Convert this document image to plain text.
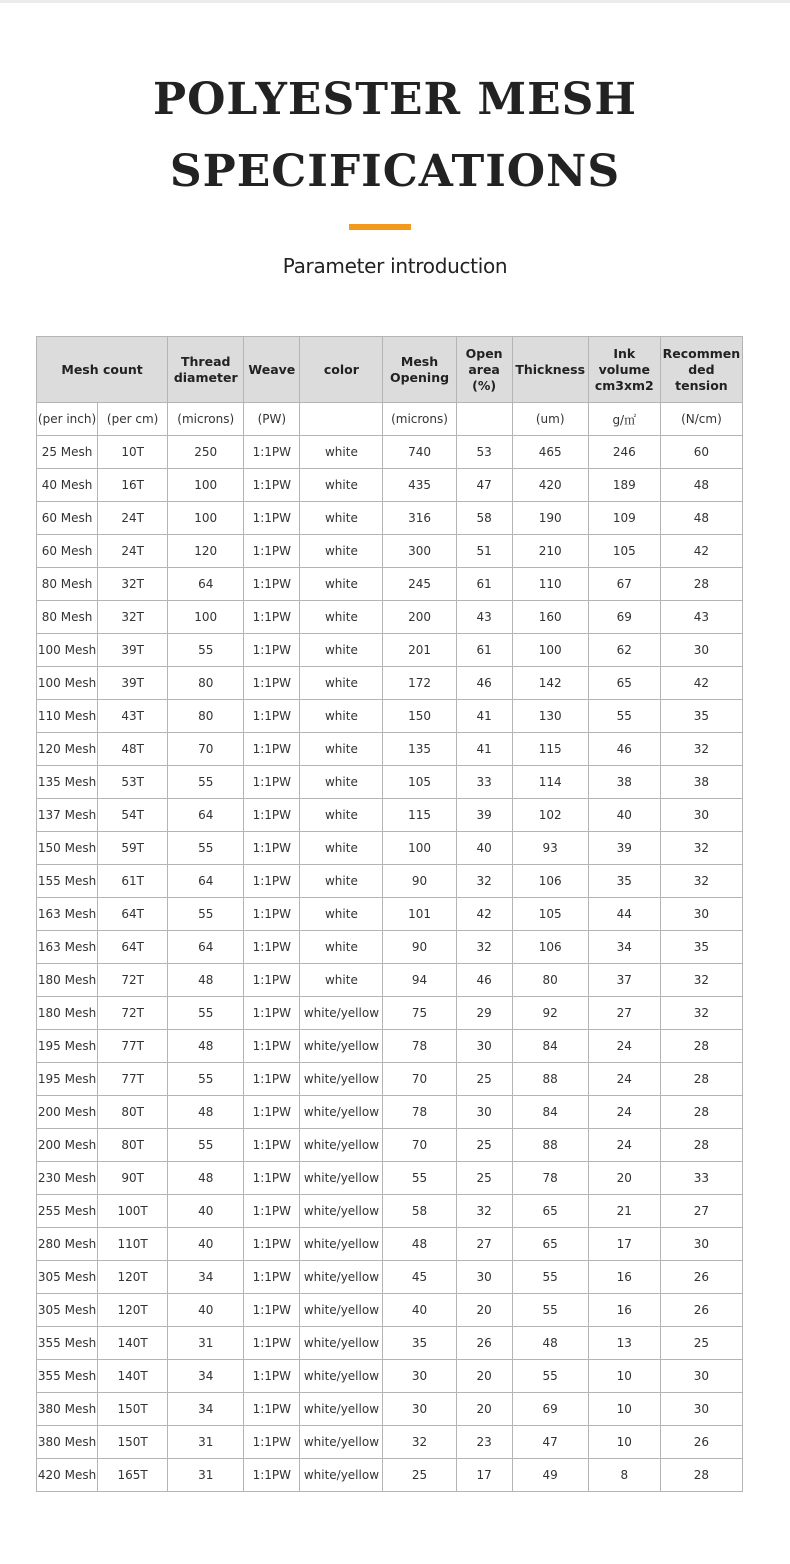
POLYESTER MESH
SPECIFICATIONS
Parameter introduction
Mesh count		Thread diameter	Weave	color	Mesh Opening	Open area (%)	Thickness	Ink volume cm3xm2	Recommen ded tension
(per inch)	(per cm)	(microns)	(PW)		(microns)		(um)	g/㎡	(N/cm)
25 Mesh	10T	250	1:1PW	white	740	53	465	246	60
40 Mesh	16T	100	1:1PW	white	435	47	420	189	48
60 Mesh	24T	100	1:1PW	white	316	58	190	109	48
60 Mesh	24T	120	1:1PW	white	300	51	210	105	42
80 Mesh	32T	64	1:1PW	white	245	61	110	67	28
80 Mesh	32T	100	1:1PW	white	200	43	160	69	43
100 Mesh	39T	55	1:1PW	white	201	61	100	62	30
100 Mesh	39T	80	1:1PW	white	172	46	142	65	42
110 Mesh	43T	80	1:1PW	white	150	41	130	55	35
120 Mesh	48T	70	1:1PW	white	135	41	115	46	32
135 Mesh	53T	55	1:1PW	white	105	33	114	38	38
137 Mesh	54T	64	1:1PW	white	115	39	102	40	30
150 Mesh	59T	55	1:1PW	white	100	40	93	39	32
155 Mesh	61T	64	1:1PW	white	90	32	106	35	32
163 Mesh	64T	55	1:1PW	white	101	42	105	44	30
163 Mesh	64T	64	1:1PW	white	90	32	106	34	35
180 Mesh	72T	48	1:1PW	white	94	46	80	37	32
180 Mesh	72T	55	1:1PW	white/yellow	75	29	92	27	32
195 Mesh	77T	48	1:1PW	white/yellow	78	30	84	24	28
195 Mesh	77T	55	1:1PW	white/yellow	70	25	88	24	28
200 Mesh	80T	48	1:1PW	white/yellow	78	30	84	24	28
200 Mesh	80T	55	1:1PW	white/yellow	70	25	88	24	28
230 Mesh	90T	48	1:1PW	white/yellow	55	25	78	20	33
255 Mesh	100T	40	1:1PW	white/yellow	58	32	65	21	27
280 Mesh	110T	40	1:1PW	white/yellow	48	27	65	17	30
305 Mesh	120T	34	1:1PW	white/yellow	45	30	55	16	26
305 Mesh	120T	40	1:1PW	white/yellow	40	20	55	16	26
355 Mesh	140T	31	1:1PW	white/yellow	35	26	48	13	25
355 Mesh	140T	34	1:1PW	white/yellow	30	20	55	10	30
380 Mesh	150T	34	1:1PW	white/yellow	30	20	69	10	30
380 Mesh	150T	31	1:1PW	white/yellow	32	23	47	10	26
420 Mesh	165T	31	1:1PW	white/yellow	25	17	49	8	28
